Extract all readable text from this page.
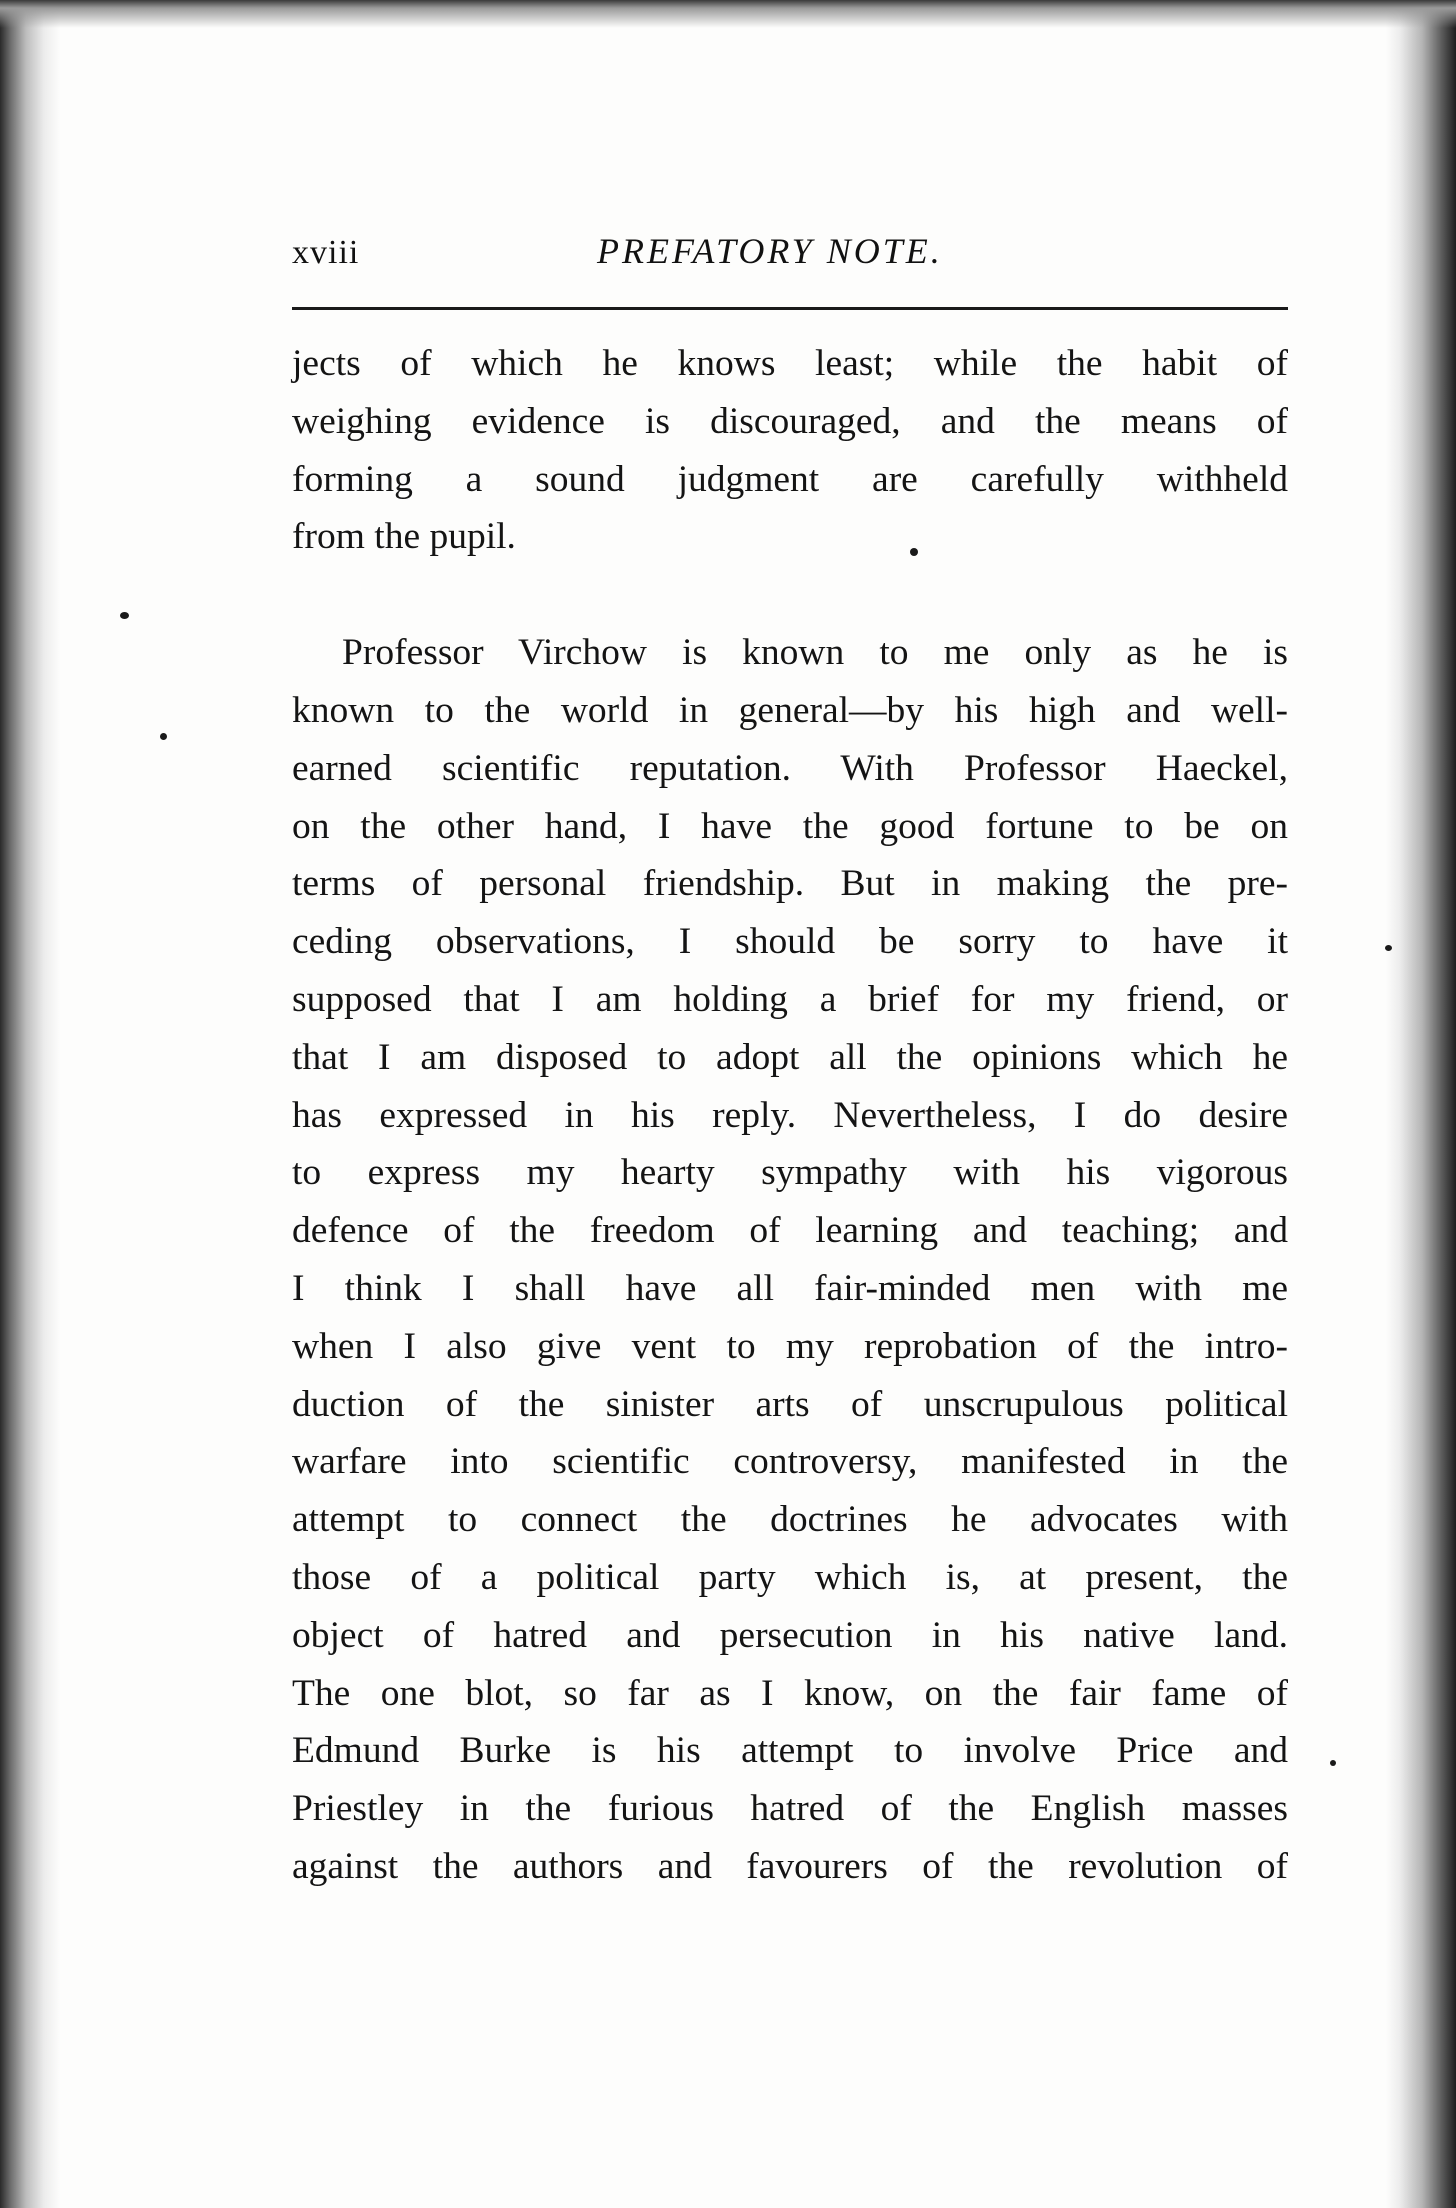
xviii	PREFATORY NOTE.
jects of which he knows least; while the habit of
weighing evidence is discouraged, and the means of
forming a sound judgment are carefully withheld
from the pupil.
Professor Virchow is known to me only as he is
known to the world in general—by his high and well-
earned scientific reputation. With Professor Haeckel,
on the other hand, I have the good fortune to be on
terms of personal friendship. But in making the pre-
ceding observations, I should be sorry to have it
supposed that I am holding a brief for my friend, or
that I am disposed to adopt all the opinions which he
has expressed in his reply. Nevertheless, I do desire
to express my hearty sympathy with his vigorous
defence of the freedom of learning and teaching; and
I think I shall have all fair-minded men with me
when I also give vent to my reprobation of the intro-
duction of the sinister arts of unscrupulous political
warfare into scientific controversy, manifested in the
attempt to connect the doctrines he advocates with
those of a political party which is, at present, the
object of hatred and persecution in his native land.
The one blot, so far as I know, on the fair fame of
Edmund Burke is his attempt to involve Price and
Priestley in the furious hatred of the English masses
against the authors and favourers of the revolution of
